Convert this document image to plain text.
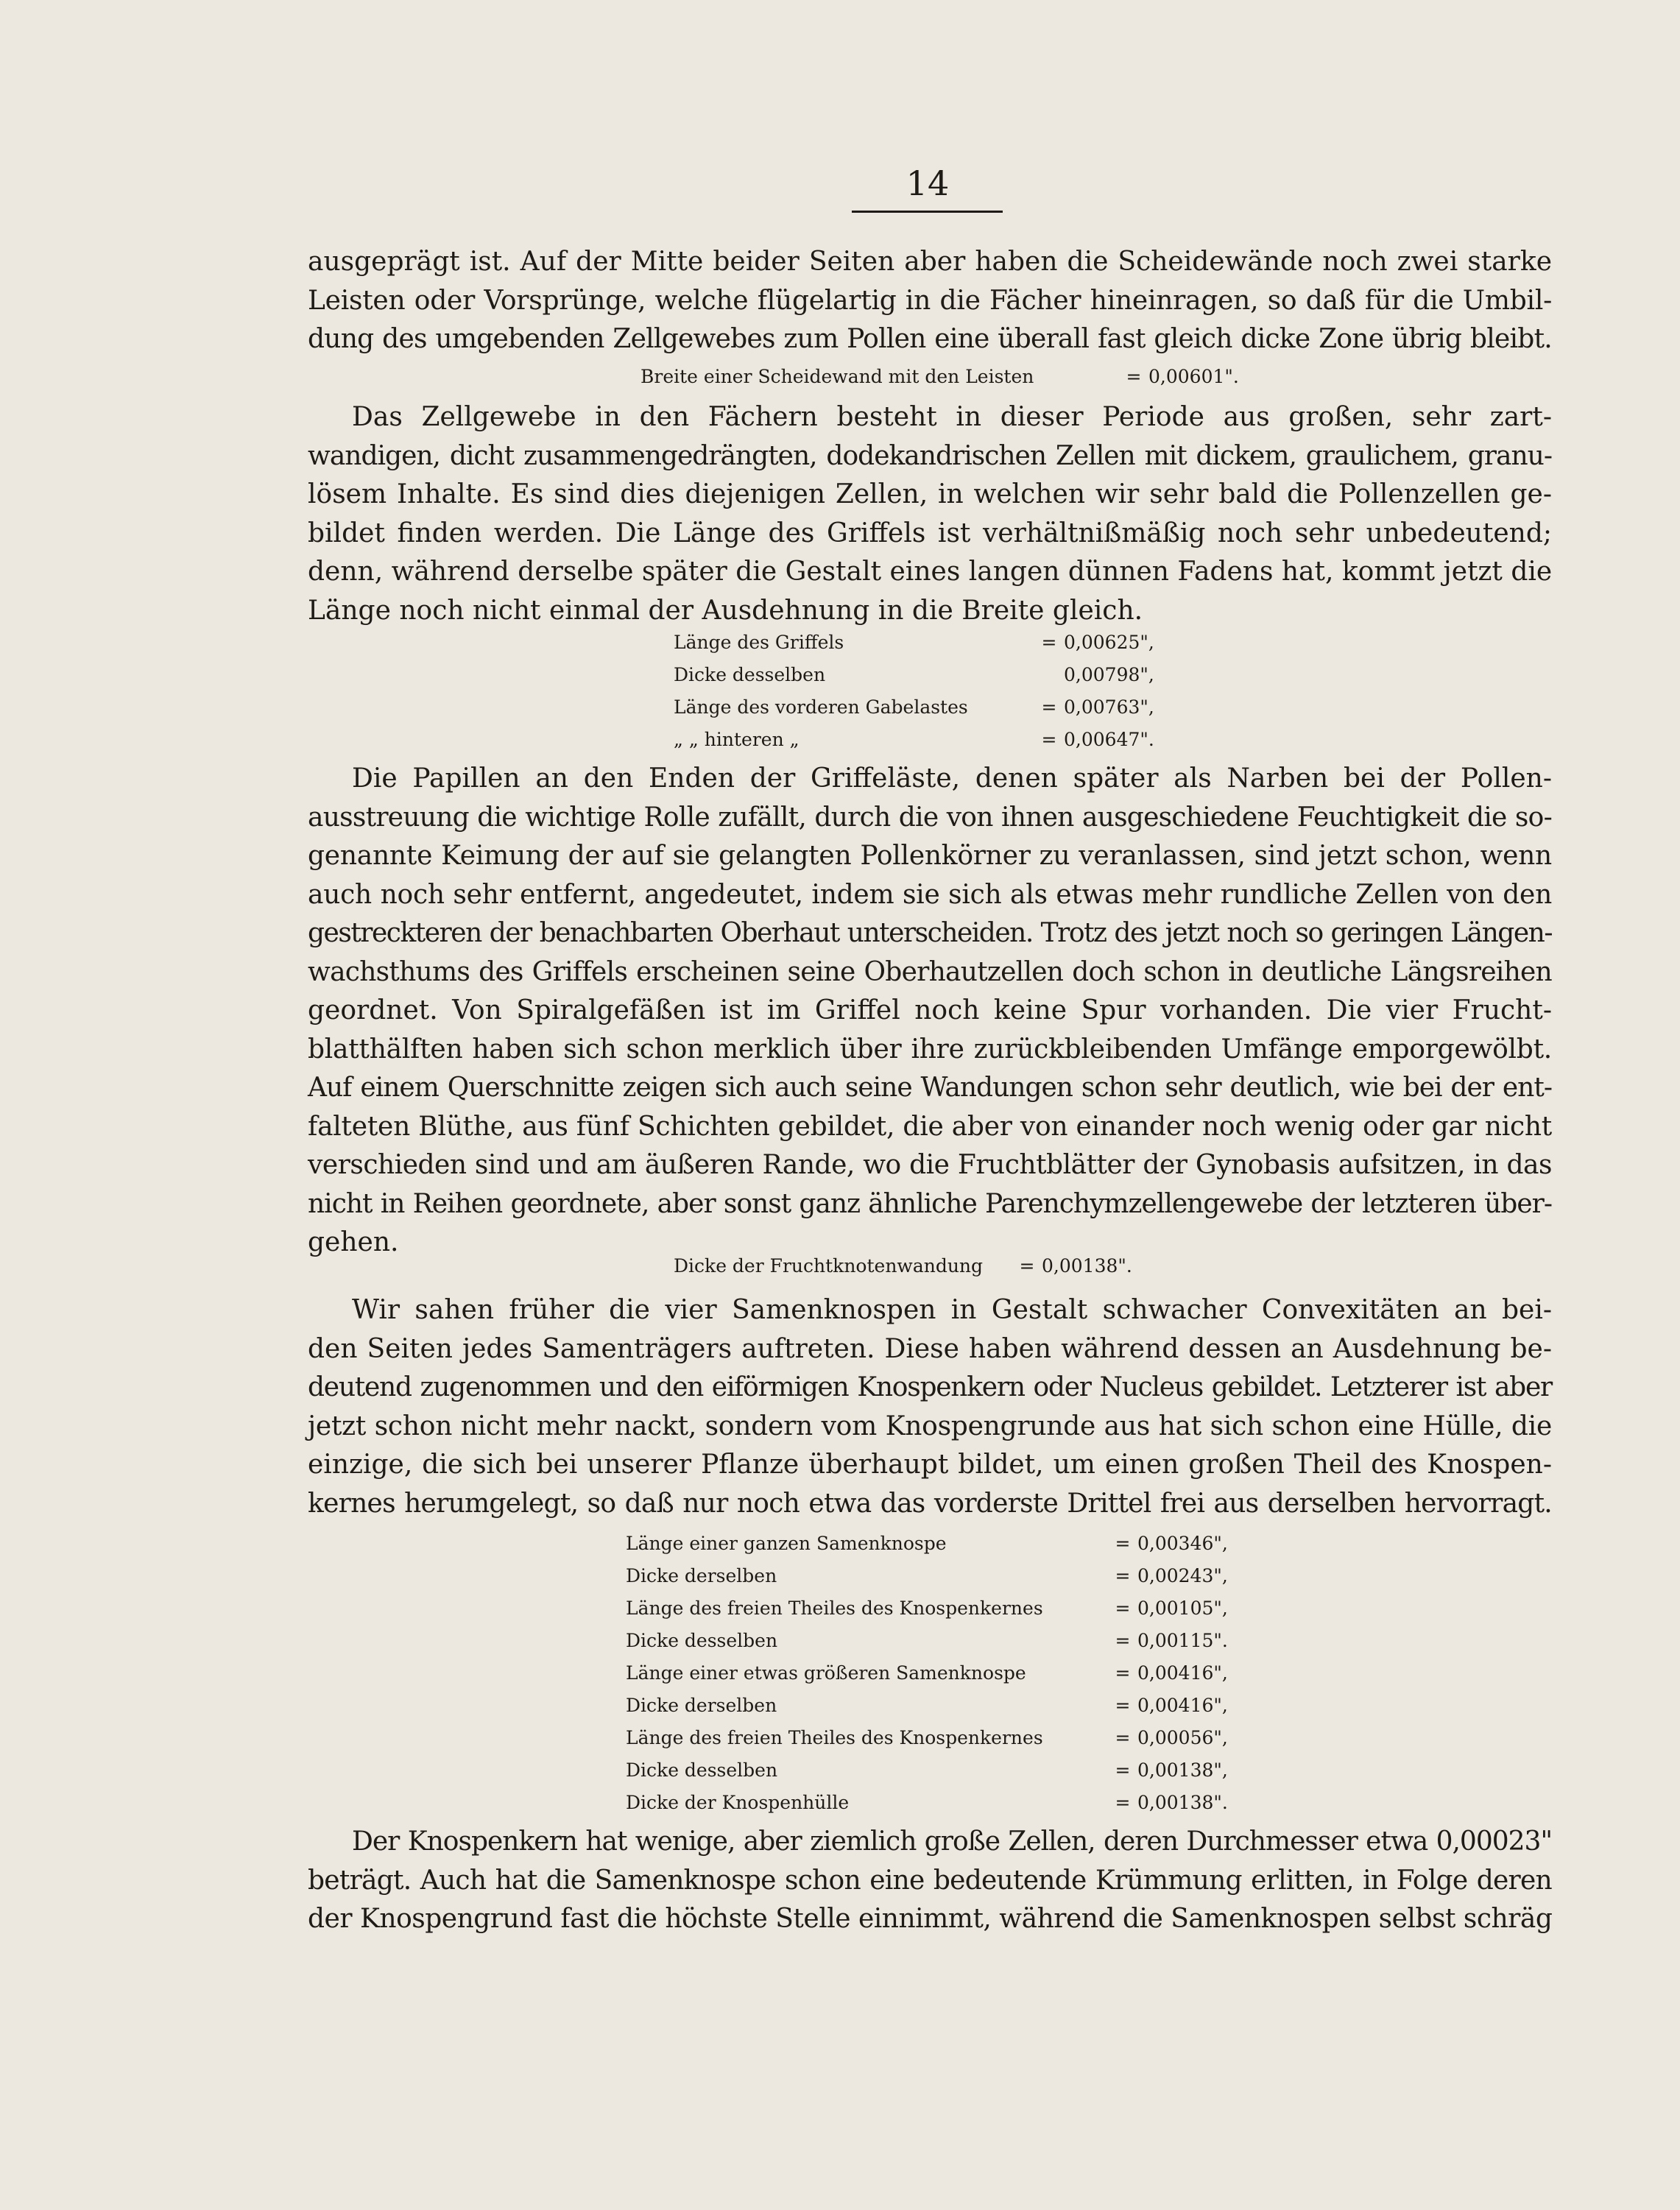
14

ausgeprägt ist. Auf der Mitte beider Seiten aber haben die Scheidewände noch zwei starke
Leisten oder Vorsprünge, welche flügelartig in die Fächer hineinragen, so daß für die Umbil-
dung des umgebenden Zellgewebes zum Pollen eine überall fast gleich dicke Zone übrig bleibt.

Breite einer Scheidewand mit den Leisten	= 0,00601".

Das Zellgewebe in den Fächern besteht in dieser Periode aus großen, sehr zart-
wandigen, dicht zusammengedrängten, dodekandrischen Zellen mit dickem, graulichem, granu-
lösem Inhalte. Es sind dies diejenigen Zellen, in welchen wir sehr bald die Pollenzellen ge-
bildet finden werden. Die Länge des Griffels ist verhältnißmäßig noch sehr unbedeutend;
denn, während derselbe später die Gestalt eines langen dünnen Fadens hat, kommt jetzt die
Länge noch nicht einmal der Ausdehnung in die Breite gleich.

Länge des Griffels	= 0,00625",
Dicke desselben	0,00798",
Länge des vorderen Gabelastes	= 0,00763",
„ „ hinteren „	= 0,00647".

Die Papillen an den Enden der Griffeläste, denen später als Narben bei der Pollen-
ausstreuung die wichtige Rolle zufällt, durch die von ihnen ausgeschiedene Feuchtigkeit die so-
genannte Keimung der auf sie gelangten Pollenkörner zu veranlassen, sind jetzt schon, wenn
auch noch sehr entfernt, angedeutet, indem sie sich als etwas mehr rundliche Zellen von den
gestreckteren der benachbarten Oberhaut unterscheiden. Trotz des jetzt noch so geringen Längen-
wachsthums des Griffels erscheinen seine Oberhautzellen doch schon in deutliche Längsreihen
geordnet. Von Spiralgefäßen ist im Griffel noch keine Spur vorhanden. Die vier Frucht-
blatthälften haben sich schon merklich über ihre zurückbleibenden Umfänge emporgewölbt.
Auf einem Querschnitte zeigen sich auch seine Wandungen schon sehr deutlich, wie bei der ent-
falteten Blüthe, aus fünf Schichten gebildet, die aber von einander noch wenig oder gar nicht
verschieden sind und am äußeren Rande, wo die Fruchtblätter der Gynobasis aufsitzen, in das
nicht in Reihen geordnete, aber sonst ganz ähnliche Parenchymzellengewebe der letzteren über-
gehen.

Dicke der Fruchtknotenwandung	= 0,00138".

Wir sahen früher die vier Samenknospen in Gestalt schwacher Convexitäten an bei-
den Seiten jedes Samenträgers auftreten. Diese haben während dessen an Ausdehnung be-
deutend zugenommen und den eiförmigen Knospenkern oder Nucleus gebildet. Letzterer ist aber
jetzt schon nicht mehr nackt, sondern vom Knospengrunde aus hat sich schon eine Hülle, die
einzige, die sich bei unserer Pflanze überhaupt bildet, um einen großen Theil des Knospen-
kernes herumgelegt, so daß nur noch etwa das vorderste Drittel frei aus derselben hervorragt.

Länge einer ganzen Samenknospe	= 0,00346",
Dicke derselben	= 0,00243",
Länge des freien Theiles des Knospenkernes	= 0,00105",
Dicke desselben	= 0,00115".
Länge einer etwas größeren Samenknospe	= 0,00416",
Dicke derselben	= 0,00416",
Länge des freien Theiles des Knospenkernes	= 0,00056",
Dicke desselben	= 0,00138",
Dicke der Knospenhülle	= 0,00138".

Der Knospenkern hat wenige, aber ziemlich große Zellen, deren Durchmesser etwa 0,00023"
beträgt. Auch hat die Samenknospe schon eine bedeutende Krümmung erlitten, in Folge deren
der Knospengrund fast die höchste Stelle einnimmt, während die Samenknospen selbst schräg
